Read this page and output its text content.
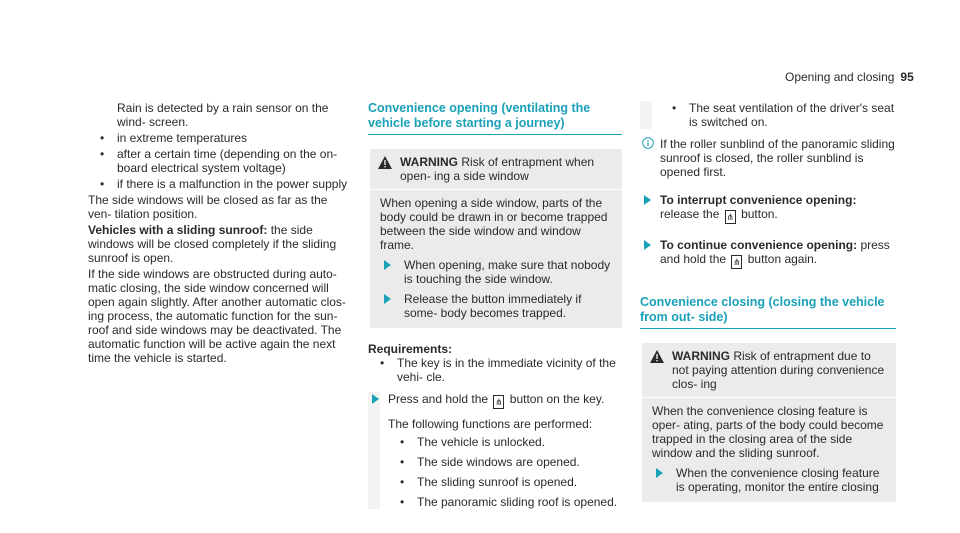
Opening and closing 95

Rain is detected by a rain sensor on the wind- screen.

• in extreme temperatures
• after a certain time (depending on the on- board electrical system voltage)
• if there is a malfunction in the power supply

The side windows will be closed as far as the ven- tilation position.

Vehicles with a sliding sunroof: the side windows will be closed completely if the sliding sunroof is open.

If the side windows are obstructed during auto- matic closing, the side window concerned will open again slightly. After another automatic clos- ing process, the automatic function for the sun- roof and side windows may be deactivated. The automatic function will be active again the next time the vehicle is started.

Convenience opening (ventilating the vehicle before starting a journey)
WARNING Risk of entrapment when open- ing a side window

When opening a side window, parts of the body could be drawn in or become trapped between the side window and window frame.

When opening, make sure that nobody is touching the side window.
Release the button immediately if some- body becomes trapped.
Requirements:
• The key is in the immediate vicinity of the vehi- cle.

Press and hold the ⋔ button on the key.

The following functions are performed:

• The vehicle is unlocked.
• The side windows are opened.
• The sliding sunroof is opened.
• The panoramic sliding roof is opened.
• The seat ventilation of the driver's seat is switched on.

If the roller sunblind of the panoramic sliding sunroof is closed, the roller sunblind is opened first.

To interrupt convenience opening: release the ⋔ button.
To continue convenience opening: press and hold the ⋔ button again.
Convenience closing (closing the vehicle from out- side)
WARNING Risk of entrapment due to not paying attention during convenience clos- ing

When the convenience closing feature is oper- ating, parts of the body could become trapped in the closing area of the side window and the sliding sunroof.

When the convenience closing feature is operating, monitor the entire closing
